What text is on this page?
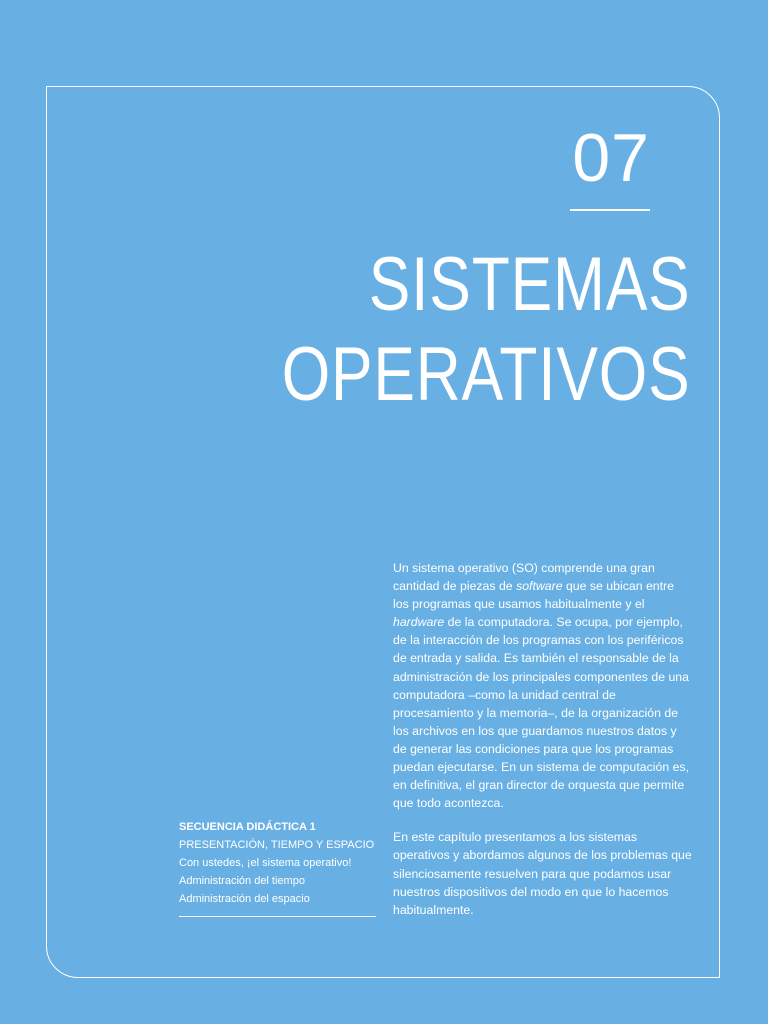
07
SISTEMAS
OPERATIVOS

Un sistema operativo (SO) comprende una gran cantidad de piezas de software que se ubican entre los programas que usamos habitualmente y el hardware de la computadora. Se ocupa, por ejemplo, de la interacción de los programas con los periféricos de entrada y salida. Es también el responsable de la administración de los principales componentes de una computadora –como la unidad central de procesamiento y la memoria–, de la organización de los archivos en los que guardamos nuestros datos y de generar las condiciones para que los programas puedan ejecutarse. En un sistema de computación es, en definitiva, el gran director de orquesta que permite que todo acontezca.

En este capítulo presentamos a los sistemas operativos y abordamos algunos de los problemas que silenciosamente resuelven para que podamos usar nuestros dispositivos del modo en que lo hacemos habitualmente.

SECUENCIA DIDÁCTICA 1

PRESENTACIÓN, TIEMPO Y ESPACIO
Con ustedes, ¡el sistema operativo!
Administración del tiempo
Administración del espacio
